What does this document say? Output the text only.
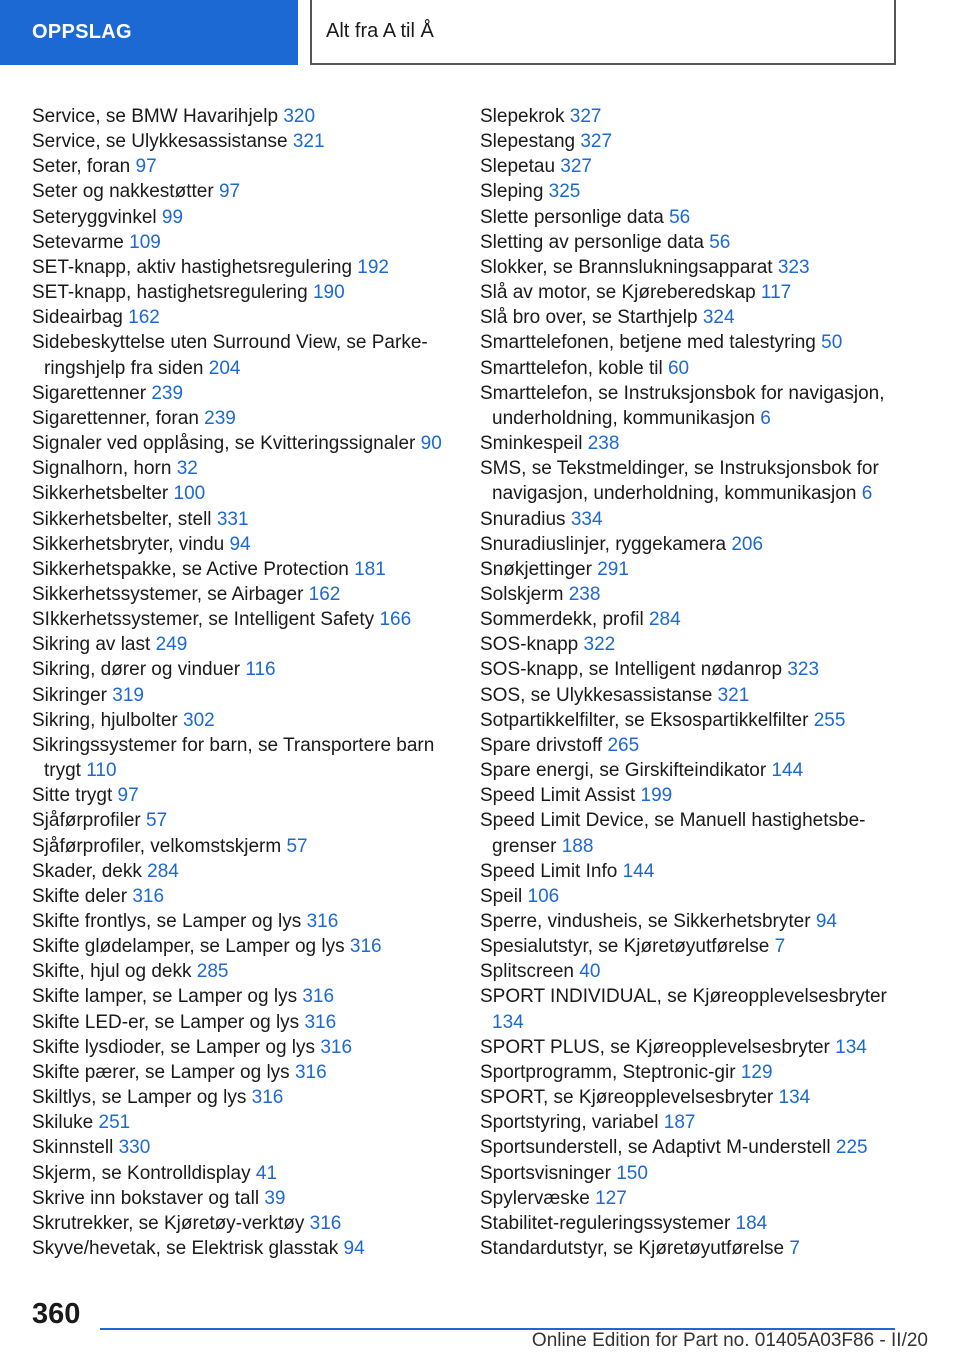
OPPSLAG	Alt fra A til Å
Service, se BMW Havarihjelp 320
Service, se Ulykkesassistanse 321
Seter, foran 97
Seter og nakkestøtter 97
Seteryggvinkel 99
Setevarme 109
SET-knapp, aktiv hastighetsregulering 192
SET-knapp, hastighetsregulering 190
Sideairbag 162
Sidebeskyttelse uten Surround View, se Parkeringshjelp fra siden 204
Sigarettenner 239
Sigarettenner, foran 239
Signaler ved opplåsing, se Kvitteringssignaler 90
Signalhorn, horn 32
Sikkerhetsbelter 100
Sikkerhetsbelter, stell 331
Sikkerhetsbryter, vindu 94
Sikkerhetspakke, se Active Protection 181
Sikkerhetssystemer, se Airbager 162
SIkkerhetssystemer, se Intelligent Safety 166
Sikring av last 249
Sikring, dører og vinduer 116
Sikringer 319
Sikring, hjulbolter 302
Sikringssystemer for barn, se Transportere barn trygt 110
Sitte trygt 97
Sjåførprofiler 57
Sjåførprofiler, velkomstskjerm 57
Skader, dekk 284
Skifte deler 316
Skifte frontlys, se Lamper og lys 316
Skifte glødelamper, se Lamper og lys 316
Skifte, hjul og dekk 285
Skifte lamper, se Lamper og lys 316
Skifte LED-er, se Lamper og lys 316
Skifte lysdioder, se Lamper og lys 316
Skifte pærer, se Lamper og lys 316
Skiltlys, se Lamper og lys 316
Skiluke 251
Skinnstell 330
Skjerm, se Kontrolldisplay 41
Skrive inn bokstaver og tall 39
Skrutrekker, se Kjøretøy-verktøy 316
Skyve/hevetak, se Elektrisk glasstak 94
Slepekrok 327
Slepestang 327
Slepetau 327
Sleping 325
Slette personlige data 56
Sletting av personlige data 56
Slokker, se Brannslukningsapparat 323
Slå av motor, se Kjøreberedskap 117
Slå bro over, se Starthjelp 324
Smarttelefonen, betjene med talestyring 50
Smarttelefon, koble til 60
Smarttelefon, se Instruksjonsbok for navigasjon, underholdning, kommunikasjon 6
Sminkespeil 238
SMS, se Tekstmeldinger, se Instruksjonsbok for navigasjon, underholdning, kommunikasjon 6
Snuradius 334
Snuradiuslinjer, ryggekamera 206
Snøkjettinger 291
Solskjerm 238
Sommerdekk, profil 284
SOS-knapp 322
SOS-knapp, se Intelligent nødanrop 323
SOS, se Ulykkesassistanse 321
Sotpartikkelfilter, se Eksospartikkelfilter 255
Spare drivstoff 265
Spare energi, se Girskifteindikator 144
Speed Limit Assist 199
Speed Limit Device, se Manuell hastighetsbegrenser 188
Speed Limit Info 144
Speil 106
Sperre, vindusheis, se Sikkerhetsbryter 94
Spesialutstyr, se Kjøretøyutførelse 7
Splitscreen 40
SPORT INDIVIDUAL, se Kjøreopplevelsesbryter 134
SPORT PLUS, se Kjøreopplevelsesbryter 134
Sportprogramm, Steptronic-gir 129
SPORT, se Kjøreopplevelsesbryter 134
Sportstyring, variabel 187
Sportsunderstell, se Adaptivt M-understell 225
Sportsvisninger 150
Spylervæske 127
Stabilitet-reguleringssystemer 184
Standardutstyr, se Kjøretøyutførelse 7
360
Online Edition for Part no. 01405A03F86 - II/20
